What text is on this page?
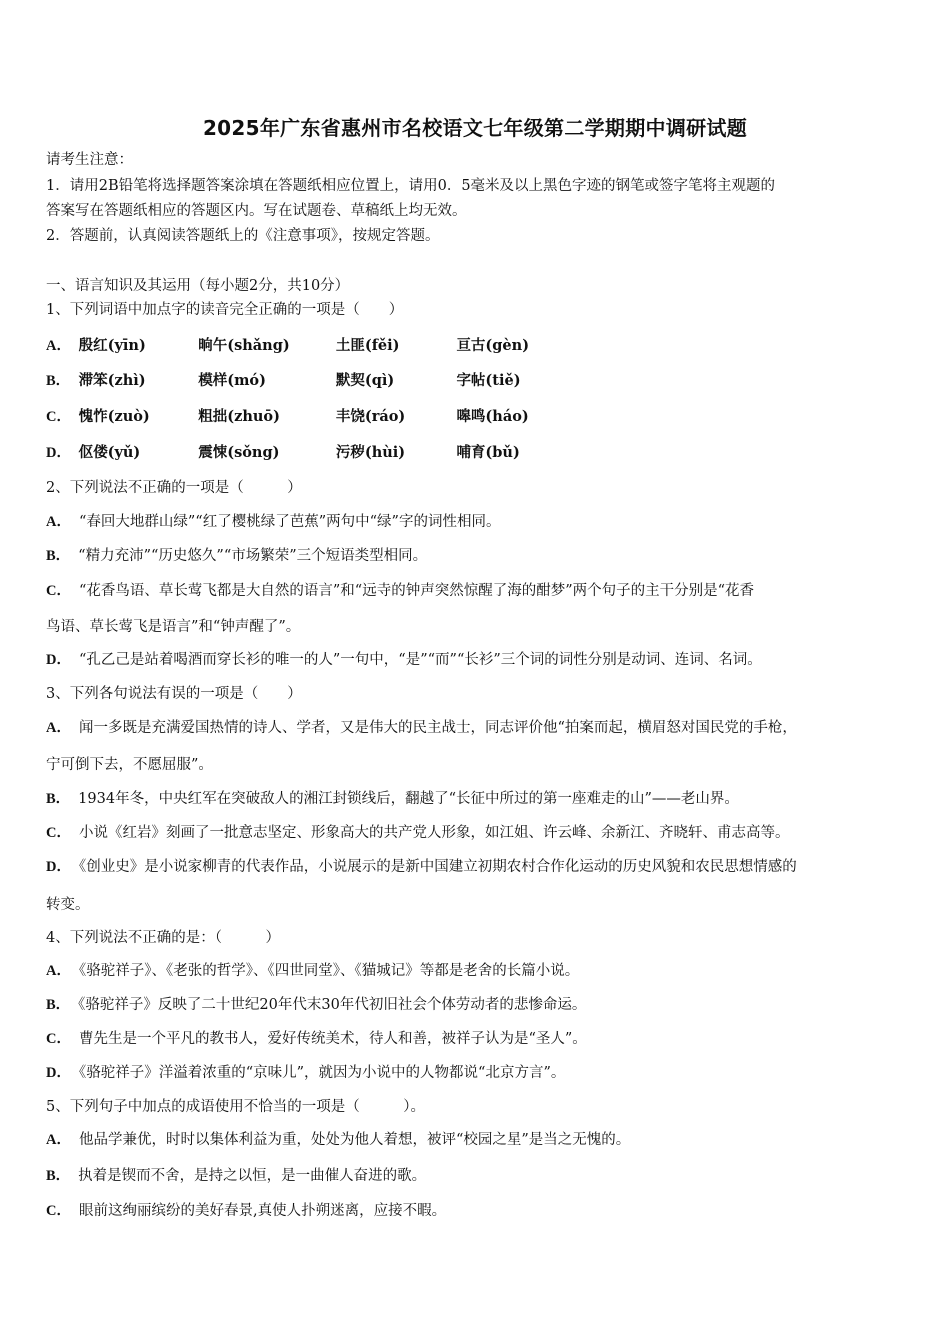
2025年广东省惠州市名校语文七年级第二学期期中调研试题
请考生注意：
1．请用2B铅笔将选择题答案涂填在答题纸相应位置上，请用0．5毫米及以上黑色字迹的钢笔或签字笔将主观题的
答案写在答题纸相应的答题区内。写在试题卷、草稿纸上均无效。
2．答题前，认真阅读答题纸上的《注意事项》，按规定答题。
一、语言知识及其运用（每小题2分，共10分）
1、下列词语中加点字的读音完全正确的一项是（　　）
A． 殷红(yīn)	晌午(shǎng)	土匪(fěi)	亘古(gèn)
B． 滞笨(zhì)	模样(mó)	默契(qì)	字帖(tiě)
C． 愧怍(zuò)	粗拙(zhuō)	丰饶(ráo)	嗥鸣(háo)
D． 伛偻(yǔ)	震悚(sǒng)	污秽(hùi)	哺育(bǔ)
2、下列说法不正确的一项是（　　　）
A． “春回大地群山绿”“红了樱桃绿了芭蕉”两句中“绿”字的词性相同。
B． “精力充沛”“历史悠久”“市场繁荣”三个短语类型相同。
C． “花香鸟语、草长莺飞都是大自然的语言”和“远寺的钟声突然惊醒了海的酣梦”两个句子的主干分别是“花香
鸟语、草长莺飞是语言”和“钟声醒了”。
D． “孔乙己是站着喝酒而穿长衫的唯一的人”一句中，“是”“而”“长衫”三个词的词性分别是动词、连词、名词。
3、下列各句说法有误的一项是（　　）
A． 闻一多既是充满爱国热情的诗人、学者，又是伟大的民主战士，同志评价他“拍案而起，横眉怒对国民党的手枪，
宁可倒下去，不愿屈服”。
B． 1934年冬，中央红军在突破敌人的湘江封锁线后，翻越了“长征中所过的第一座难走的山”——老山界。
C． 小说《红岩》刻画了一批意志坚定、形象高大的共产党人形象，如江姐、许云峰、余新江、齐晓轩、甫志高等。
D． 《创业史》是小说家柳青的代表作品，小说展示的是新中国建立初期农村合作化运动的历史风貌和农民思想情感的
转变。
4、下列说法不正确的是：（　　　）
A． 《骆驼祥子》、《老张的哲学》、《四世同堂》、《猫城记》等都是老舍的长篇小说。
B． 《骆驼祥子》反映了二十世纪20年代末30年代初旧社会个体劳动者的悲惨命运。
C． 曹先生是一个平凡的教书人，爱好传统美术，待人和善，被祥子认为是“圣人”。
D． 《骆驼祥子》洋溢着浓重的“京味儿”，就因为小说中的人物都说“北京方言”。
5、下列句子中加点的成语使用不恰当的一项是（　　　）。
A． 他品学兼优，时时以集体利益为重，处处为他人着想，被评“校园之星”是当之无愧的。
B． 执着是锲而不舍，是持之以恒，是一曲催人奋进的歌。
C． 眼前这绚丽缤纷的美好春景,真使人扑朔迷离，应接不暇。
